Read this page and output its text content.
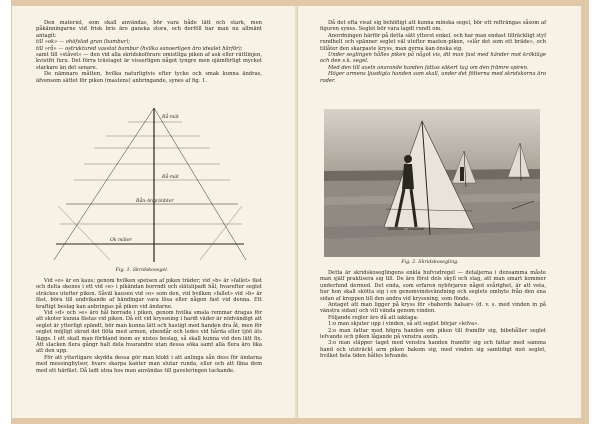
Den materiel, som skall användas, bör vara både lätt och stark, men påkänningarne vid frisk bris äro ganska stora, och derföll har man nu allmänt antagit:

till »ok» — ohöfvlad gran (bambur);

till »rå» — ostruktured vasstat bambur (hvilka sanoerligen äro idealet härför);

samt till »ståvet» — den vid alla skridskoförare omistliga piken af ask eller rättlinjen, kvistfri furu. Det förra trästaget är visserligen något tyngre men ojämförligt mycket starkare än det senare.

De nämnare måtten, hvilka naturligtvis efter tycke och smak kunna ändras, äfvensom sättet för piken (mastens) anbringande, synes af fig. 1.

Rå-mät
Rå-mät
Rån-Angränbter
Ok mäter
Fig. 1. Skridskosegel.

Vid »o» är en kaus; genom hvilken spetsen af piken träder; vid »b» är »fallet» fäst och delta skenes i ett vid »e» i pikändan borrndt och slätslipadt hål, hvarefter seglet sträckes utefter piken. Såväl kausen vid »o» som den, vid hvilken »fallet» vid »b» är fäst, böra till undvikande af händingar vara lösa eller någon fast vid denna. Ett kraftigt beslag kan anbringas på piken vid ändarne.

Vid »d» och »e» äro hål borrade i piken, genom hvilka smala remmar dragas för att skoter kunna fästas vid piken. Då ett vid kryssning i hardt väder är nödvändigt att seglet är ytterligt spändt, bör man kunna lätt och hastigt med handen dra åt, men för seglet möjligt skrad det flöta med armen, ebendår och ledes vid hårda eller tjöö äts läggs. I ett skall man förbland inom av nistes beslag, så skall kunna vid den lätt fix. Att slacken flera gångr halt dela hvarandre utan dessa söka samt alla flera äro lika att den upp.

För att ytterligare skydda dessa gör man klokt i att anlinga sån dess för ändarna med messinghylsor, hvars skarpa kanter man slutar runda, eller och att fäna dem med ett härfäst. Då ladt utna hos man användas till gaveleringen tackande.

Då det ofta visat sig behöfligt att kunna minska segel, bör ett refträngas såsom af figuren synes. Seglet bör vara lagdt rundt om.

Anordningen härför på detta sätt ytterst enkel, och har man endast tillräckligt styf rundhelt och spänner seglet väl utefter masten-piken, »slår det som ett bräde», och tillåter den skarpaste kryss, man gerna kan önska sig.

Under seglingen hålles piken på något vis, dit man fast med händer mot krökläge och den s.k. segel.

Med den till axeln anarande handen fattas säkert tag om den främre spiren.

Höger armens ljusdigta handen som skall, under det fötterna med skridskorna äro roder.

Fig. 2. Skridskosegling.

Detta är skridskoseglingens enkla hufvudregel — detaljerna i densamma måste man själf praktisera sig till. De äro först dels skyll och slag, att man smart kommer underfund dermed. Det enda, som erfaren nybörjaren något svårighet, är att veta, hur hon skall skötta sig i en genomvindsvändning och seglets ombyte från den ena sidan af kroppen till den andra vid kryssning, som fönde.

Antaget att man ligger på kryss för »babords halsar» (d. v. s. med vinden in på vänstra sidan) och vill vända genom vinden.

Följande regler äro då att iaktaga:

1:o man skjuter upp i vinden, så att seglet börjar »lefva».

2:o man fattar med högra handen om piken till framför sig, bibehåller seglet lefvande och piken lågande på venstra axeln.

3:o man släpper taget med venstra handen framför sig och fattar med samma hand och utsträckt arm piken bakom sig, med vinden sig samtidigt mot seglet, hvilket hela tiden hålles lefvande.
